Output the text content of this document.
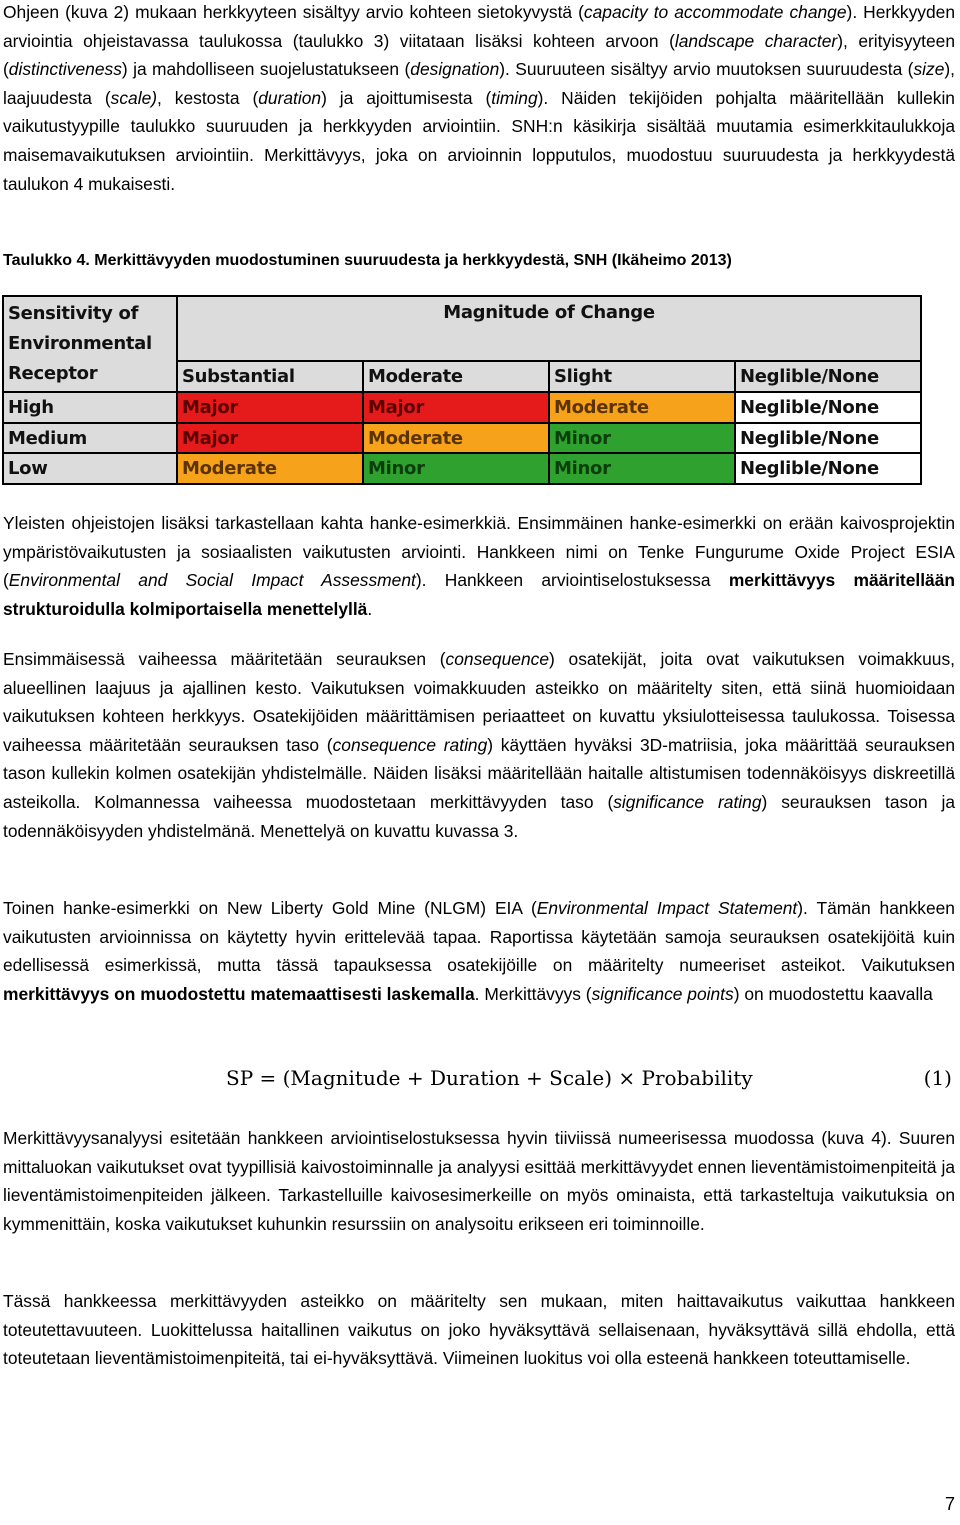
Ohjeen (kuva 2) mukaan herkkyyteen sisältyy arvio kohteen sietokyvystä (capacity to accommodate change). Herkkyyden arviointia ohjeistavassa taulukossa (taulukko 3) viitataan lisäksi kohteen arvoon (landscape character), erityisyyteen (distinctiveness) ja mahdolliseen suojelustatukseen (designation). Suuruuteen sisältyy arvio muutoksen suuruudesta (size), laajuudesta (scale), kestosta (duration) ja ajoittumisesta (timing). Näiden tekijöiden pohjalta määritellään kullekin vaikutustyypille taulukko suuruuden ja herkkyyden arviointiin. SNH:n käsikirja sisältää muutamia esimerkkitaulukkoja maisemavaikutuksen arviointiin. Merkittävyys, joka on arvioinnin lopputulos, muodostuu suuruudesta ja herkkyydestä taulukon 4 mukaisesti.

Taulukko 4. Merkittävyyden muodostuminen suuruudesta ja herkkyydestä, SNH (Ikäheimo 2013)

Sensitivity of
Environmental
Receptor
Magnitude of Change
Substantial	Moderate	Slight	Neglible/None
High	Major	Major	Moderate	Neglible/None
Medium	Major	Moderate	Minor	Neglible/None
Low	Moderate	Minor	Minor	Neglible/None

Yleisten ohjeistojen lisäksi tarkastellaan kahta hanke-esimerkkiä. Ensimmäinen hanke-esimerkki on erään kaivosprojektin ympäristövaikutusten ja sosiaalisten vaikutusten arviointi. Hankkeen nimi on Tenke Fungurume Oxide Project ESIA (Environmental and Social Impact Assessment). Hankkeen arviointiselostuksessa merkittävyys määritellään strukturoidulla kolmiportaisella menettelyllä.

Ensimmäisessä vaiheessa määritetään seurauksen (consequence) osatekijät, joita ovat vaikutuksen voimakkuus, alueellinen laajuus ja ajallinen kesto. Vaikutuksen voimakkuuden asteikko on määritelty siten, että siinä huomioidaan vaikutuksen kohteen herkkyys. Osatekijöiden määrittämisen periaatteet on kuvattu yksiulotteisessa taulukossa. Toisessa vaiheessa määritetään seurauksen taso (consequence rating) käyttäen hyväksi 3D-matriisia, joka määrittää seurauksen tason kullekin kolmen osatekijän yhdistelmälle. Näiden lisäksi määritellään haitalle altistumisen todennäköisyys diskreetillä asteikolla. Kolmannessa vaiheessa muodostetaan merkittävyyden taso (significance rating) seurauksen tason ja todennäköisyyden yhdistelmänä. Menettelyä on kuvattu kuvassa 3.

Toinen hanke-esimerkki on New Liberty Gold Mine (NLGM) EIA (Environmental Impact Statement). Tämän hankkeen vaikutusten arvioinnissa on käytetty hyvin erittelevää tapaa. Raportissa käytetään samoja seurauksen osatekijöitä kuin edellisessä esimerkissä, mutta tässä tapauksessa osatekijöille on määritelty numeeriset asteikot. Vaikutuksen merkittävyys on muodostettu matemaattisesti laskemalla. Merkittävyys (significance points) on muodostettu kaavalla

SP = (Magnitude + Duration + Scale) × Probability	(1)

Merkittävyysanalyysi esitetään hankkeen arviointiselostuksessa hyvin tiiviissä numeerisessa muodossa (kuva 4). Suuren mittaluokan vaikutukset ovat tyypillisiä kaivostoiminnalle ja analyysi esittää merkittävyydet ennen lieventämistoimenpiteitä ja lieventämistoimenpiteiden jälkeen. Tarkastelluille kaivosesimerkeille on myös ominaista, että tarkasteltuja vaikutuksia on kymmenittäin, koska vaikutukset kuhunkin resurssiin on analysoitu erikseen eri toiminnoille.

Tässä hankkeessa merkittävyyden asteikko on määritelty sen mukaan, miten haittavaikutus vaikuttaa hankkeen toteutettavuuteen. Luokittelussa haitallinen vaikutus on joko hyväksyttävä sellaisenaan, hyväksyttävä sillä ehdolla, että toteutetaan lieventämistoimenpiteitä, tai ei-hyväksyttävä. Viimeinen luokitus voi olla esteenä hankkeen toteuttamiselle.

7
